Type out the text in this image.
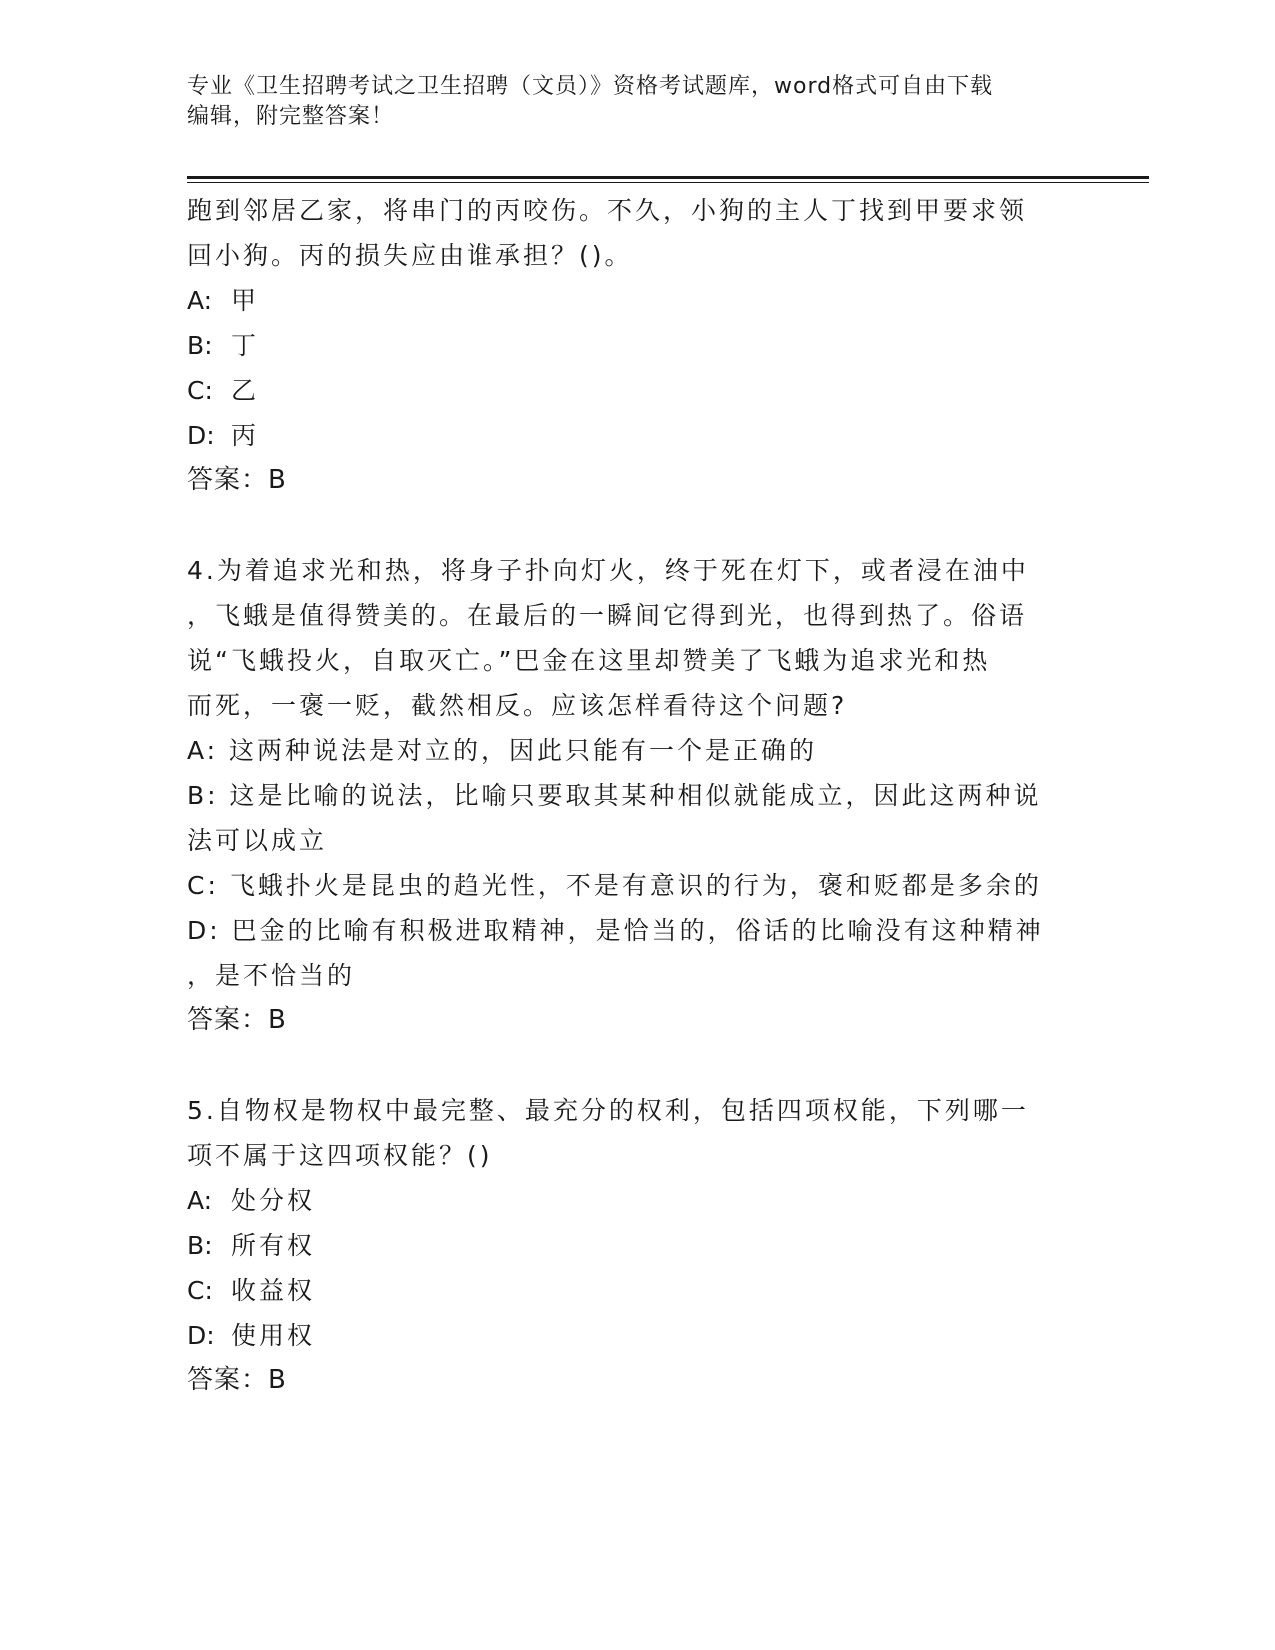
专业《卫生招聘考试之卫生招聘（文员）》资格考试题库，word格式可自由下载
编辑，附完整答案！
跑到邻居乙家，将串门的丙咬伤。不久，小狗的主人丁找到甲要求领
回小狗。丙的损失应由谁承担？()。
A: 甲
B: 丁
C: 乙
D: 丙
答案：B
4.为着追求光和热，将身子扑向灯火，终于死在灯下，或者浸在油中
，飞蛾是值得赞美的。在最后的一瞬间它得到光，也得到热了。俗语
说“飞蛾投火，自取灭亡。”巴金在这里却赞美了飞蛾为追求光和热
而死，一褒一贬，截然相反。应该怎样看待这个问题?
A: 这两种说法是对立的，因此只能有一个是正确的
B: 这是比喻的说法，比喻只要取其某种相似就能成立，因此这两种说
法可以成立
C: 飞蛾扑火是昆虫的趋光性，不是有意识的行为，褒和贬都是多余的
D: 巴金的比喻有积极进取精神，是恰当的，俗话的比喻没有这种精神
，是不恰当的
答案：B
5.自物权是物权中最完整、最充分的权利，包括四项权能，下列哪一
项不属于这四项权能？()
A: 处分权
B: 所有权
C: 收益权
D: 使用权
答案：B
